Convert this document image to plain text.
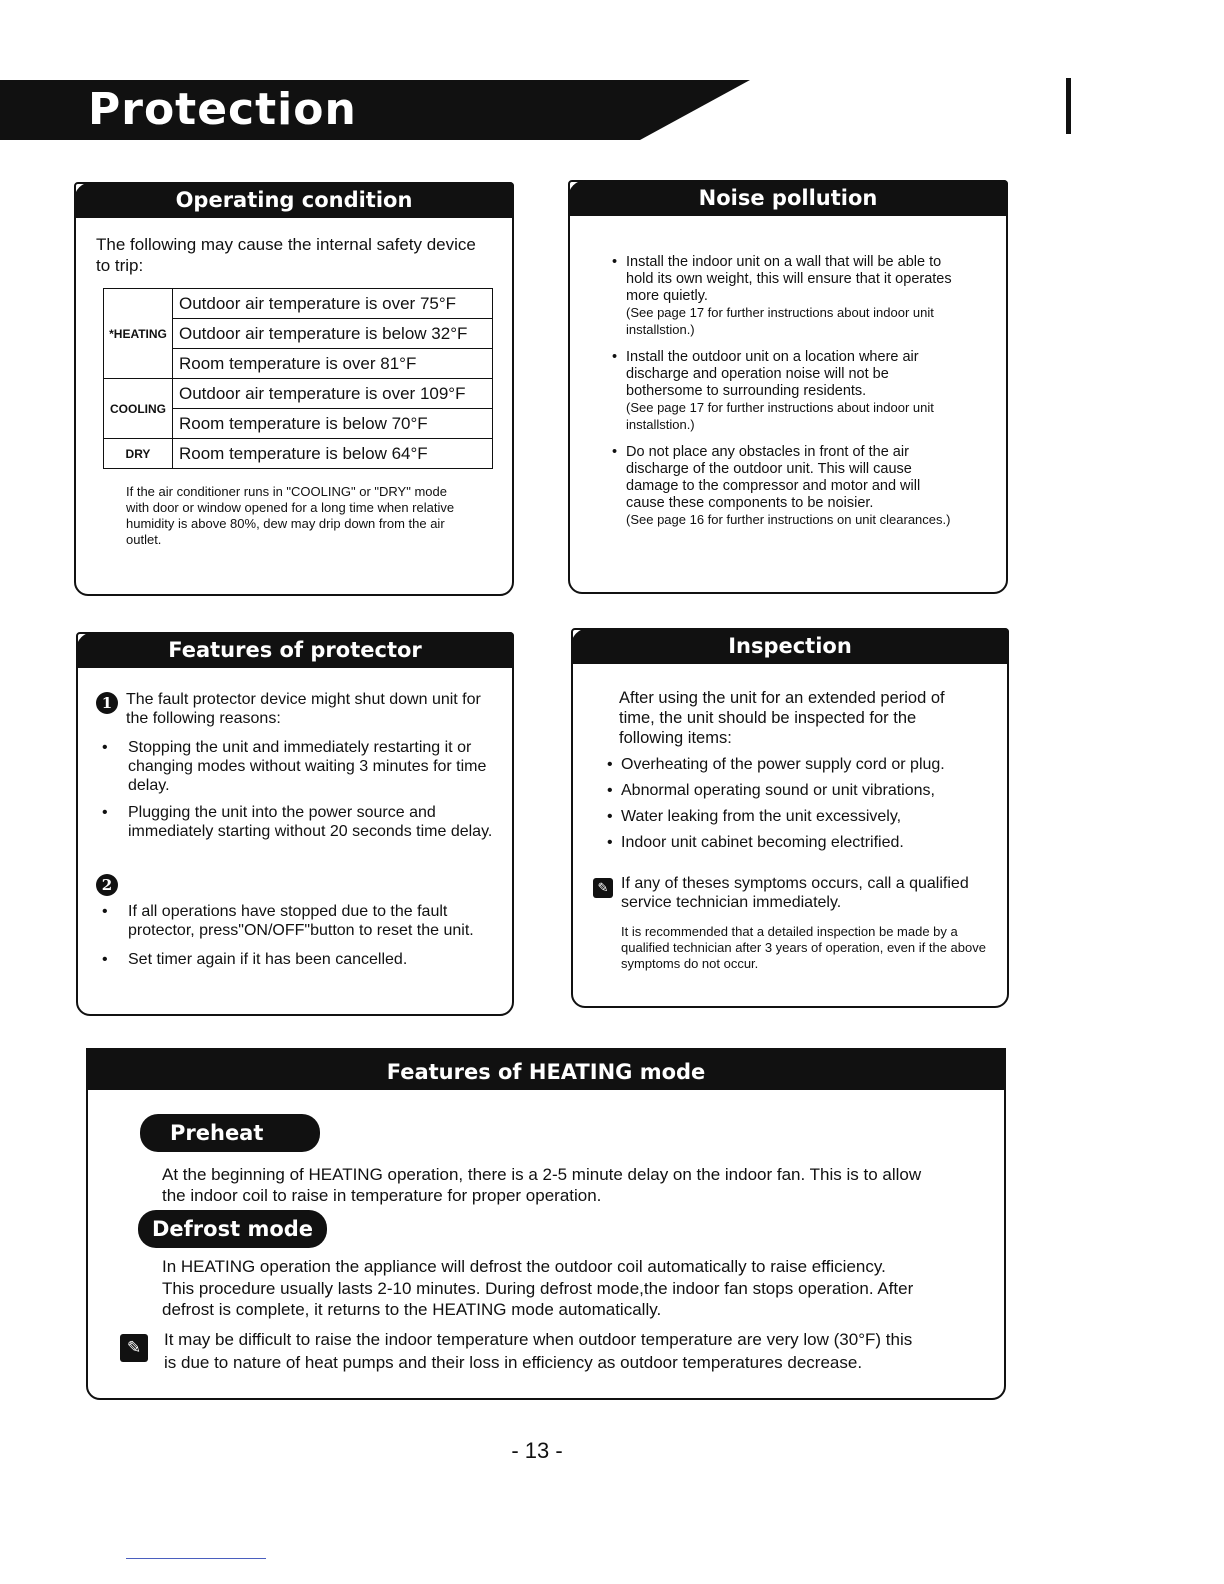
Protection
Operating condition
The following may cause the internal safety device to trip:
*HEATING	Outdoor air temperature is over 75°F
	Outdoor air temperature is below 32°F
	Room temperature is over 81°F
COOLING	Outdoor air temperature is over 109°F
	Room temperature is below 70°F
DRY	Room temperature is below 64°F
If the air conditioner runs in "COOLING" or "DRY" mode with door or window opened for a long time when relative humidity is above 80%, dew may drip down from the air outlet.
Noise pollution
• Install the indoor unit on a wall that will be able to hold its own weight, this will ensure that it operates more quietly.
(See page 17 for further instructions about indoor unit installstion.)
• Install the outdoor unit on a location where air discharge and operation noise will not be bothersome to surrounding residents.
(See page 17 for further instructions about indoor unit installstion.)
• Do not place any obstacles in front of the air discharge of the outdoor unit. This will cause damage to the compressor and motor and will cause these components to be noisier.
(See page 16 for further instructions on unit clearances.)
Features of protector
1 The fault protector device might shut down unit for the following reasons:
• Stopping the unit and immediately restarting it or changing modes without waiting 3 minutes for time delay.
• Plugging the unit into the power source and immediately starting without 20 seconds time delay.
2
• If all operations have stopped due to the fault protector, press"ON/OFF"button to reset the unit.
• Set timer again if it has been cancelled.
Inspection
After using the unit for an extended period of time, the unit should be inspected for the following items:
• Overheating of the power supply cord or plug.
• Abnormal operating sound or unit vibrations,
• Water leaking from the unit excessively,
• Indoor unit cabinet becoming electrified.
✎ If any of theses symptoms occurs, call a qualified service technician immediately.
It is recommended that a detailed inspection be made by a qualified technician after 3 years of operation, even if the above symptoms do not occur.
Features of HEATING mode
Preheat
At the beginning of HEATING operation, there is a 2-5 minute delay on the indoor fan. This is to allow the indoor coil to raise in temperature for proper operation.
Defrost mode
In HEATING operation the appliance will defrost the outdoor coil automatically to raise efficiency. This procedure usually lasts 2-10 minutes. During defrost mode,the indoor fan stops operation. After defrost is complete, it returns to the HEATING mode automatically.
✎	It may be difficult to raise the indoor temperature when outdoor temperature are very low (30°F) this is due to nature of heat pumps and their loss in efficiency as outdoor temperatures decrease.
- 13 -
